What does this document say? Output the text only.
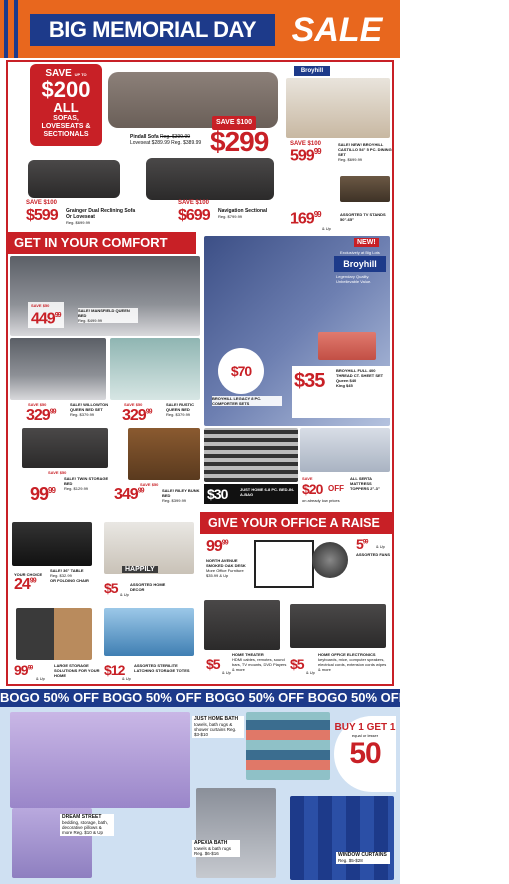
BIG MEMORIAL DAY	SALE
SAVE UP TO
$200
ALL
SOFAS, LOVESEATS & SECTIONALS	Pindall Sofa Reg. $399.99
Loveseat $289.99 Reg. $389.99
SAVE $100
$299
SAVE $100
$599 Grainger Dual Reclining Sofa Or Loveseat
Reg. $699.99
SAVE $100
$699 Navigation Sectional
Reg. $799.99
Broyhill
SAVE $100
$599^{99}$
SALE! NEW! BROYHILL CASTILLO 54" 5 PC. DINING SET
Reg. $699.99
$169^{99}$
& Up
ASSORTED TV STANDS 50"-65"
GET IN YOUR COMFORT
SAVE $50
$449^{99}$
SALE! MANSFIELD QUEEN BED
Reg. $499.99
SAVE $50
$329^{99}$
SALE! WILLOWTON QUEEN BED SET
Reg. $379.99
SAVE $50
$329^{99}$
SALE! RUSTIC QUEEN BED
Reg. $379.99
SAVE $50
SALE! TWIN STORAGE BED
Reg. $129.99
$99^{99}$
SAVE $50
$349^{99}$	SALE! RILEY BUNK BED
Reg. $399.99
NEW!
Exclusively at Big Lots
Broyhill
Legendary Quality. Unbelievable Value.
$70
BROYHILL LEGACY 8 PC. COMFORTER SETS
$35	BROYHILL FULL 400 THREAD CT. SHEET SET
Queen $40
King $45
$30	JUST HOME 6-8 PC. BED-IN-A-BAG
SAVE
$20 OFF
ALL SERTA MATTRESS TOPPERS 2"-3"
on already low prices
YOUR CHOICE
$24^{99}$
SALE! 36" TABLE
Reg. $32.99
OR FOLDING CHAIR
HAPPILY
$5 & Up
ASSORTED HOME DECOR
GIVE YOUR OFFICE A RAISE
$99^{99}$
NORTH AVENUE SMOKED OAK DESK
More Office Furniture $35.99 & Up
$5^{99}$
& Up
ASSORTED FANS
$99^{99}$
& Up
LARGE STORAGE SOLUTIONS FOR YOUR HOME	$12
& Up
ASSORTED STERILITE LATCHING STORAGE TOTES $5
& Up
HOME THEATER
HDMI cables, remotes, sound bars, TV mounts, DVD Players & more	$5
& Up
HOME OFFICE ELECTRONICS
keyboards, mice, computer speakers, electrical cords, extension cords wipes & more
BOGO 50% OFF BOGO 50% OFF BOGO 50% OFF BOGO 50% OFF BOGO 50% OFF
DREAM STREET
bedding, storage, bath, decorative pillows & more Reg. $10 & Up
JUST HOME BATH
towels, bath rugs & shower curtains Reg. $3-$10
BUY 1 GET 1
equal or lesser
50
APEXIA BATH
towels & bath rugs Reg. $6-$16	WINDOW CURTAINS
Reg. $5-$28
